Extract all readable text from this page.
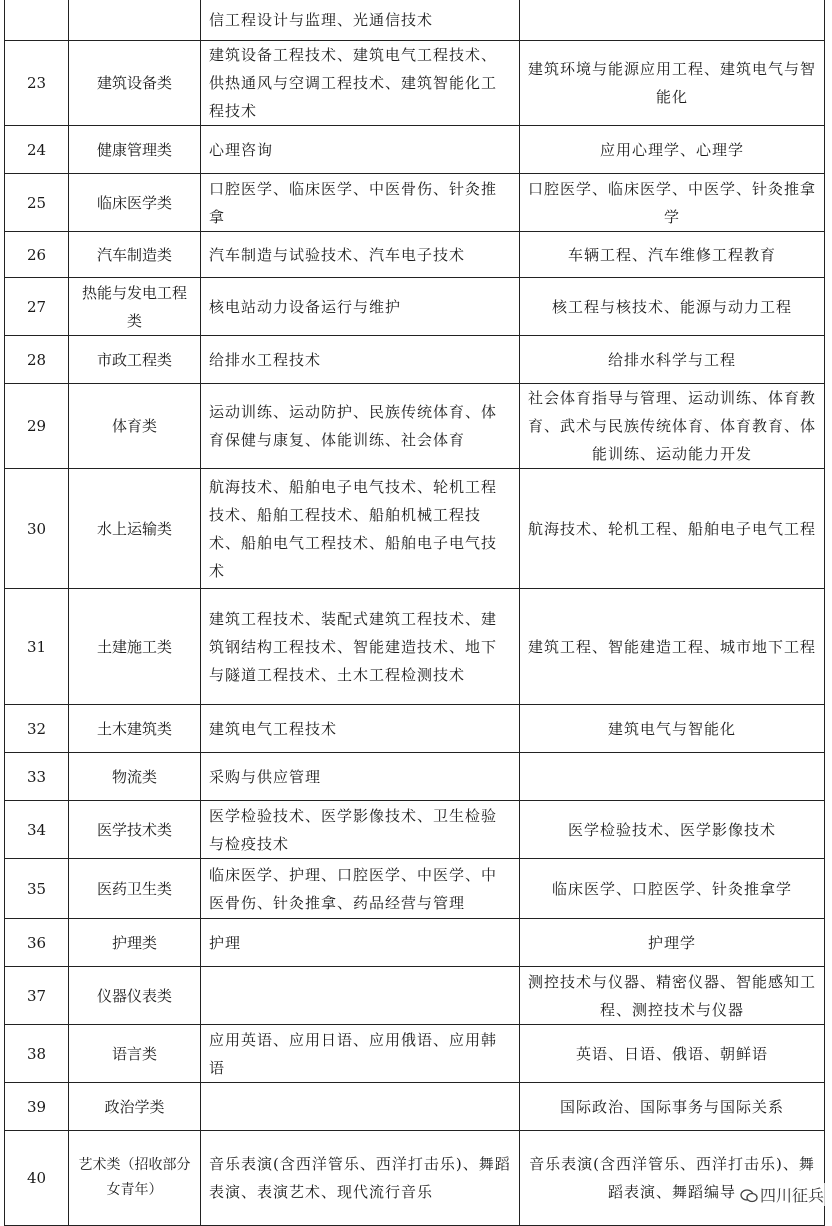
		信工程设计与监理、光通信技术	
23	建筑设备类	建筑设备工程技术、建筑电气工程技术、供热通风与空调工程技术、建筑智能化工程技术	建筑环境与能源应用工程、建筑电气与智能化
24	健康管理类	心理咨询	应用心理学、心理学
25	临床医学类	口腔医学、临床医学、中医骨伤、针灸推拿	口腔医学、临床医学、中医学、针灸推拿学
26	汽车制造类	汽车制造与试验技术、汽车电子技术	车辆工程、汽车维修工程教育
27	热能与发电工程类	核电站动力设备运行与维护	核工程与核技术、能源与动力工程
28	市政工程类	给排水工程技术	给排水科学与工程
29	体育类	运动训练、运动防护、民族传统体育、体育保健与康复、体能训练、社会体育	社会体育指导与管理、运动训练、体育教育、武术与民族传统体育、体育教育、体能训练、运动能力开发
30	水上运输类	航海技术、船舶电子电气技术、轮机工程技术、船舶工程技术、船舶机械工程技术、船舶电气工程技术、船舶电子电气技术	航海技术、轮机工程、船舶电子电气工程
31	土建施工类	建筑工程技术、装配式建筑工程技术、建筑钢结构工程技术、智能建造技术、地下与隧道工程技术、土木工程检测技术	建筑工程、智能建造工程、城市地下工程
32	土木建筑类	建筑电气工程技术	建筑电气与智能化
33	物流类	采购与供应管理	
34	医学技术类	医学检验技术、医学影像技术、卫生检验与检疫技术	医学检验技术、医学影像技术
35	医药卫生类	临床医学、护理、口腔医学、中医学、中医骨伤、针灸推拿、药品经营与管理	临床医学、口腔医学、针灸推拿学
36	护理类	护理	护理学
37	仪器仪表类		测控技术与仪器、精密仪器、智能感知工程、测控技术与仪器
38	语言类	应用英语、应用日语、应用俄语、应用韩语	英语、日语、俄语、朝鲜语
39	政治学类		国际政治、国际事务与国际关系
40	艺术类（招收部分女青年）	音乐表演(含西洋管乐、西洋打击乐)、舞蹈表演、表演艺术、现代流行音乐	音乐表演(含西洋管乐、西洋打击乐)、舞蹈表演、舞蹈编导	四川征兵
